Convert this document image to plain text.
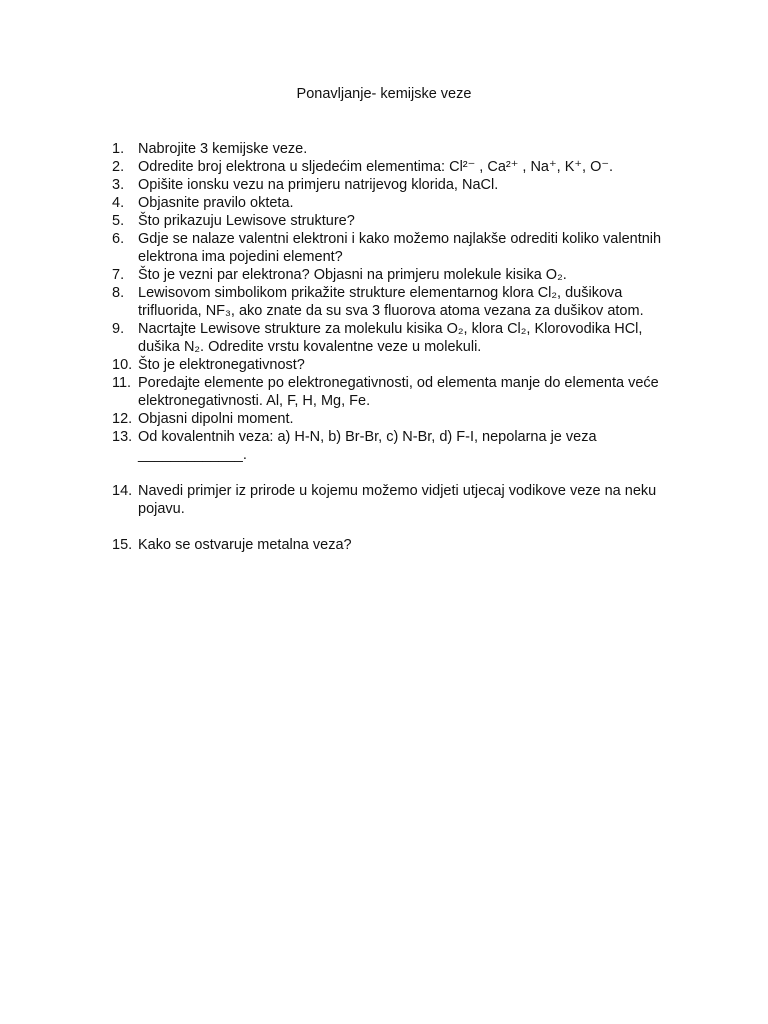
Ponavljanje- kemijske veze
1. Nabrojite 3 kemijske veze.
2. Odredite broj elektrona u sljedećim elementima: Cl²⁻ , Ca²⁺ , Na⁺, K⁺, O⁻.
3. Opišite ionsku vezu na primjeru natrijevog klorida, NaCl.
4. Objasnite pravilo okteta.
5. Što prikazuju Lewisove strukture?
6. Gdje se nalaze valentni elektroni i kako možemo najlakše odrediti koliko valentnih elektrona ima pojedini element?
7. Što je vezni par elektrona? Objasni na primjeru molekule kisika O₂.
8. Lewisovom simbolikom prikažite strukture elementarnog klora Cl₂, dušikova trifluorida, NF₃, ako znate da su sva 3 fluorova atoma vezana za dušikov atom.
9. Nacrtajte Lewisove strukture za molekulu kisika O₂, klora Cl₂, Klorovodika HCl, dušika N₂. Odredite vrstu kovalentne veze u molekuli.
10. Što je elektronegativnost?
11. Poredajte elemente po elektronegativnosti, od elementa manje do elementa veće elektronegativnosti. Al, F, H, Mg, Fe.
12. Objasni dipolni moment.
13. Od kovalentnih veza: a) H-N, b) Br-Br, c) N-Br, d) F-I, nepolarna je veza _____________.
14. Navedi primjer iz prirode u kojemu možemo vidjeti utjecaj vodikove veze na neku pojavu.
15. Kako se ostvaruje metalna veza?
